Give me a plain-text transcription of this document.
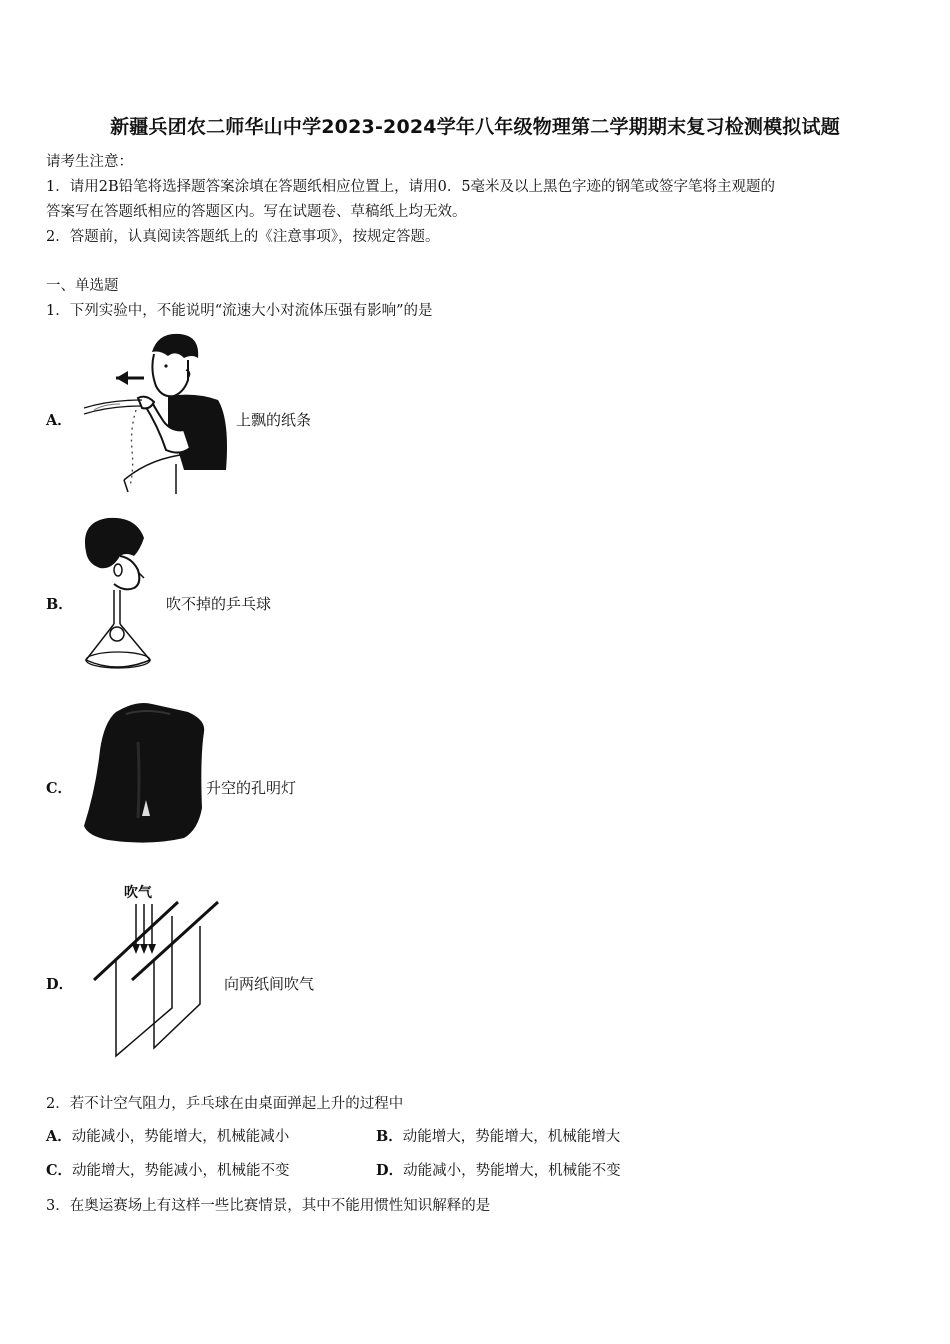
新疆兵团农二师华山中学2023-2024学年八年级物理第二学期期末复习检测模拟试题
请考生注意：
1．请用2B铅笔将选择题答案涂填在答题纸相应位置上，请用0．5毫米及以上黑色字迹的钢笔或签字笔将主观题的
答案写在答题纸相应的答题区内。写在试题卷、草稿纸上均无效。
2．答题前，认真阅读答题纸上的《注意事项》，按规定答题。
一、单选题
1．下列实验中，不能说明“流速大小对流体压强有影响”的是
A．	上飘的纸条
B．	吹不掉的乒乓球
C．	升空的孔明灯
D．
吹气
向两纸间吹气
2．若不计空气阻力，乒乓球在由桌面弹起上升的过程中
A．动能减小，势能增大，机械能减小	B．动能增大，势能增大，机械能增大
C．动能增大，势能减小，机械能不变	D．动能减小，势能增大，机械能不变
3．在奥运赛场上有这样一些比赛情景，其中不能用惯性知识解释的是
